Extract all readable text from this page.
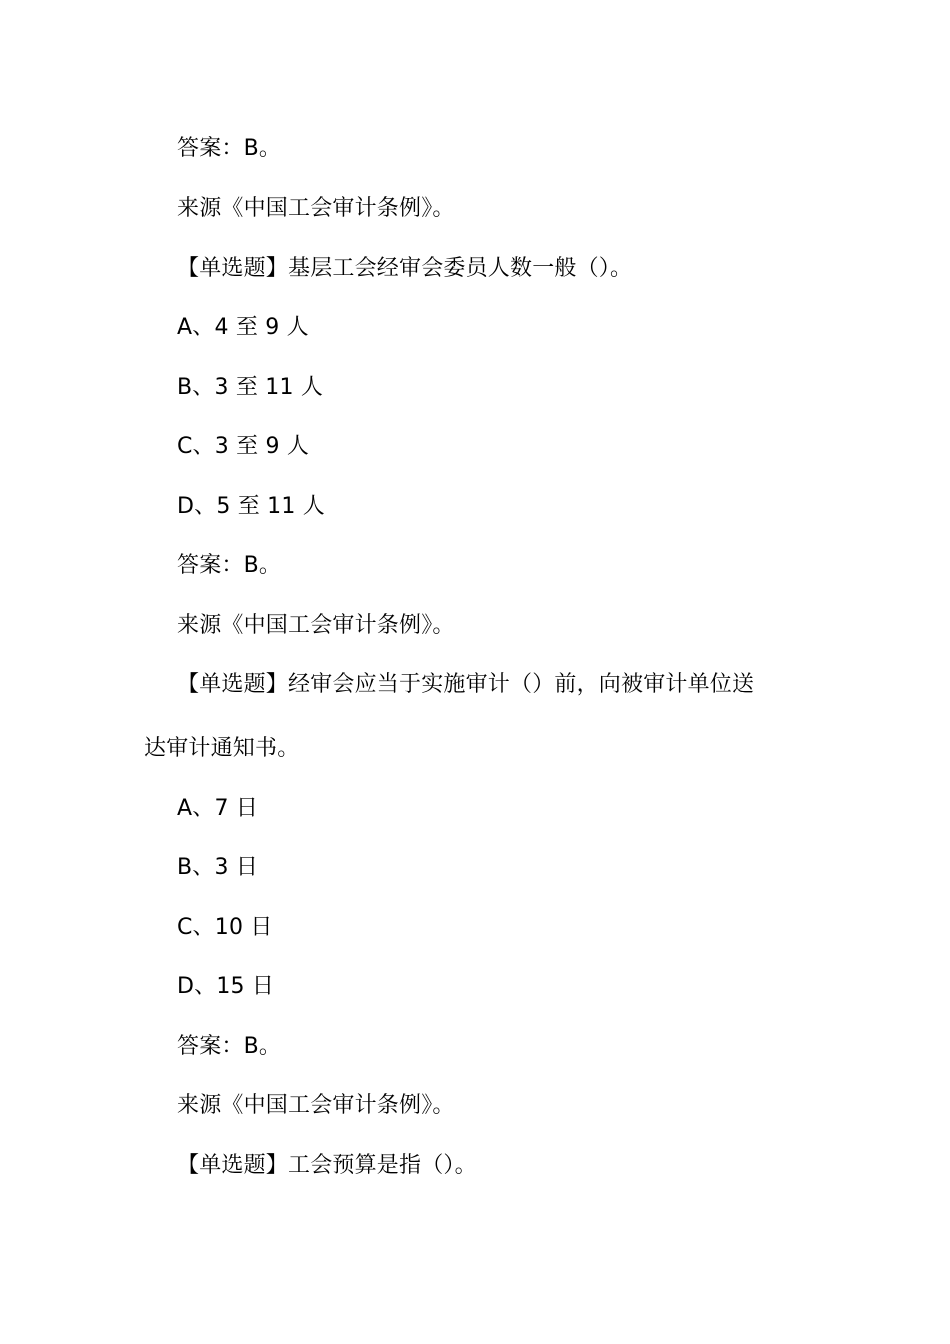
答案：B。
来源《中国工会审计条例》。
【单选题】基层工会经审会委员人数一般（）。
A、4 至 9 人
B、3 至 11 人
C、3 至 9 人
D、5 至 11 人
答案：B。
来源《中国工会审计条例》。
【单选题】经审会应当于实施审计（）前，向被审计单位送
达审计通知书。
A、7 日
B、3 日
C、10 日
D、15 日
答案：B。
来源《中国工会审计条例》。
【单选题】工会预算是指（）。
